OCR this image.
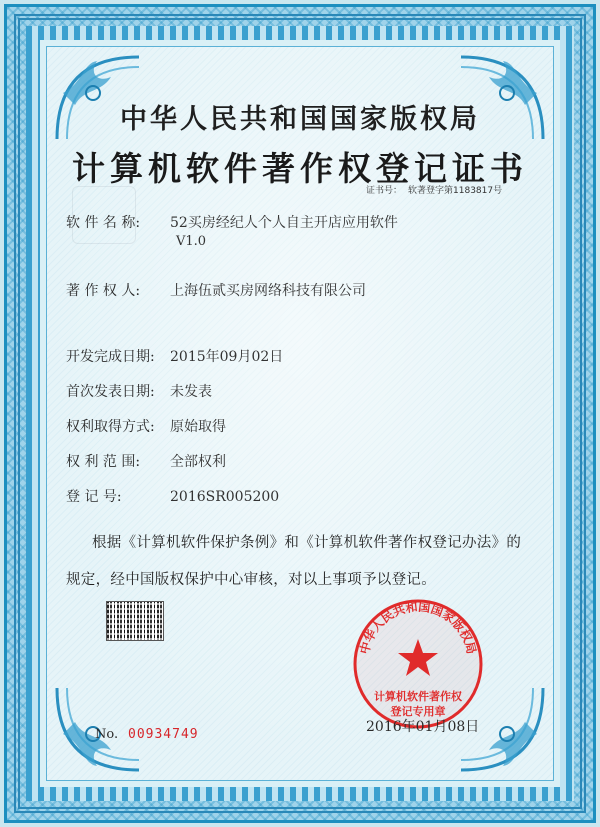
中华人民共和国国家版权局
计算机软件著作权登记证书
证书号： 软著登字第1183817号
软 件 名 称: 52买房经纪人个人自主开店应用软件
V1.0
著 作 权 人: 上海伍贰买房网络科技有限公司
开发完成日期: 2015年09月02日
首次发表日期: 未发表
权利取得方式: 原始取得
权 利 范 围: 全部权利
登 记 号:	2016SR005200
根据《计算机软件保护条例》和《计算机软件著作权登记办法》的
规定，经中国版权保护中心审核，对以上事项予以登记。
中华人民共和国国家版权局
计算机软件著作权
登记专用章
2016年01月08日
No. 00934749
